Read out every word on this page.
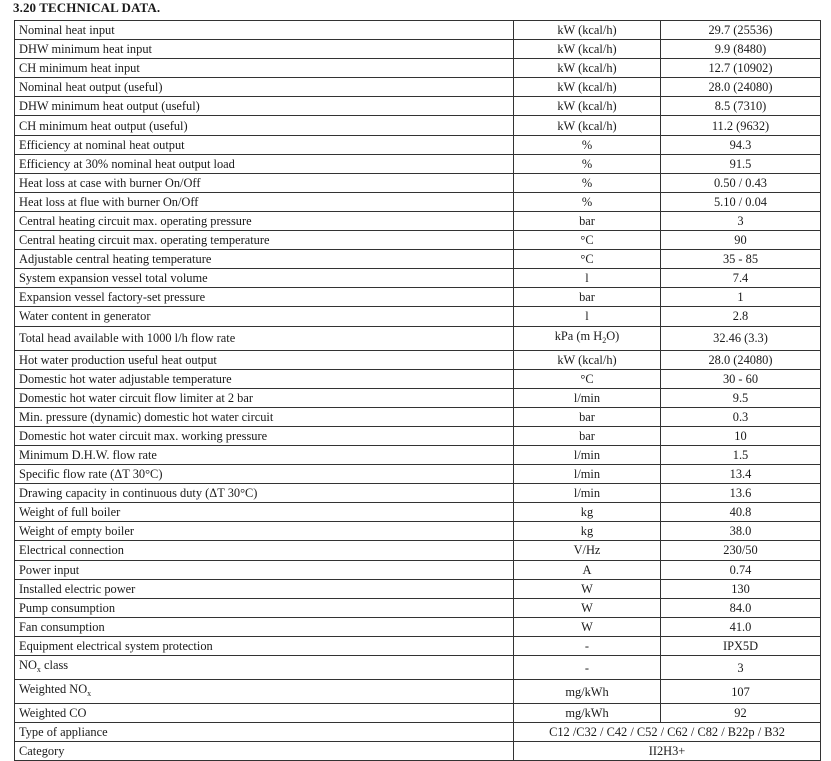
3.20 TECHNICAL DATA.
Nominal heat input	kW (kcal/h)	29.7 (25536)
DHW minimum heat input	kW (kcal/h)	9.9 (8480)
CH minimum heat input	kW (kcal/h)	12.7 (10902)
Nominal heat output (useful)	kW (kcal/h)	28.0 (24080)
DHW minimum heat output (useful)	kW (kcal/h)	8.5 (7310)
CH minimum heat output (useful)	kW (kcal/h)	11.2 (9632)
Efficiency at nominal heat output	%	94.3
Efficiency at 30% nominal heat output load	%	91.5
Heat loss at case with burner On/Off	%	0.50 / 0.43
Heat loss at flue with burner On/Off	%	5.10 / 0.04
Central heating circuit max. operating pressure	bar	3
Central heating circuit max. operating temperature	°C	90
Adjustable central heating temperature	°C	35 - 85
System expansion vessel total volume	l	7.4
Expansion vessel factory-set pressure	bar	1
Water content in generator	l	2.8
Total head available with 1000 l/h flow rate	kPa (m $H_2O$)	32.46 (3.3)
Hot water production useful heat output	kW (kcal/h)	28.0 (24080)
Domestic hot water adjustable temperature	°C	30 - 60
Domestic hot water circuit flow limiter at 2 bar	l/min	9.5
Min. pressure (dynamic) domestic hot water circuit	bar	0.3
Domestic hot water circuit max. working pressure	bar	10
Minimum D.H.W. flow rate	l/min	1.5
Specific flow rate (ΔT 30°C)	l/min	13.4
Drawing capacity in continuous duty (ΔT 30°C)	l/min	13.6
Weight of full boiler	kg	40.8
Weight of empty boiler	kg	38.0
Electrical connection	V/Hz	230/50
Power input	A	0.74
Installed electric power	W	130
Pump consumption	W	84.0
Fan consumption	W	41.0
Equipment electrical system protection	-	IPX5D
$NO_x$ class	-	3
Weighted $NO_x$	mg/kWh	107
Weighted CO	mg/kWh	92
Type of appliance	C12 /C32 / C42 / C52 / C62 / C82 / B22p / B32	
Category	II2H3+	
